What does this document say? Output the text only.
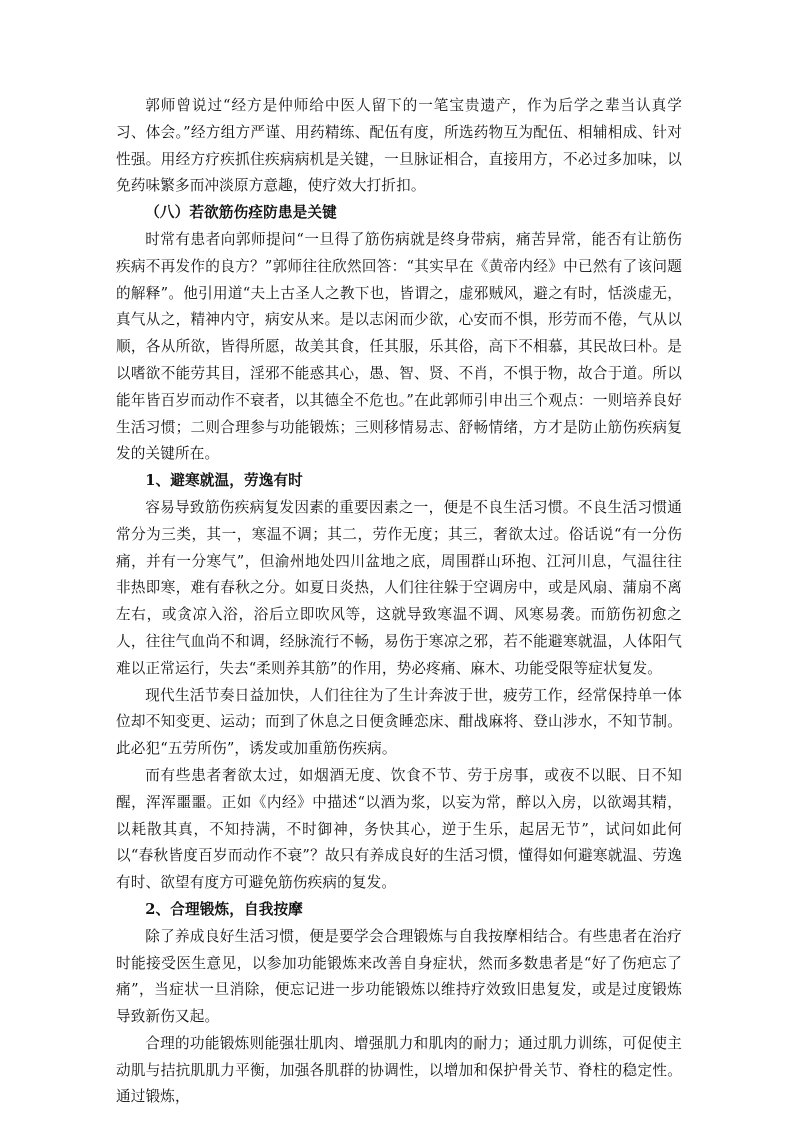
郭师曾说过“经方是仲师给中医人留下的一笔宝贵遗产，作为后学之辈当认真学习、体会。”经方组方严谨、用药精练、配伍有度，所选药物互为配伍、相辅相成、针对性强。用经方疗疾抓住疾病病机是关键，一旦脉证相合，直接用方，不必过多加味，以免药味繁多而冲淡原方意趣，使疗效大打折扣。

（八）若欲筋伤痊防患是关键

时常有患者向郭师提问“一旦得了筋伤病就是终身带病，痛苦异常，能否有让筋伤疾病不再发作的良方？”郭师往往欣然回答：“其实早在《黄帝内经》中已然有了该问题的解释”。他引用道“夫上古圣人之教下也，皆谓之，虚邪贼风，避之有时，恬淡虚无，真气从之，精神内守，病安从来。是以志闲而少欲，心安而不惧，形劳而不倦，气从以顺，各从所欲，皆得所愿，故美其食，任其服，乐其俗，高下不相慕，其民故曰朴。是以嗜欲不能劳其目，淫邪不能惑其心，愚、智、贤、不肖，不惧于物，故合于道。所以能年皆百岁而动作不衰者，以其德全不危也。”在此郭师引申出三个观点：一则培养良好生活习惯；二则合理参与功能锻炼；三则移情易志、舒畅情绪，方才是防止筋伤疾病复发的关键所在。

1、避寒就温，劳逸有时

容易导致筋伤疾病复发因素的重要因素之一，便是不良生活习惯。不良生活习惯通常分为三类，其一，寒温不调；其二，劳作无度；其三，奢欲太过。俗话说“有一分伤痛，并有一分寒气”，但渝州地处四川盆地之底，周围群山环抱、江河川息，气温往往非热即寒，难有春秋之分。如夏日炎热，人们往往躲于空调房中，或是风扇、蒲扇不离左右，或贪凉入浴，浴后立即吹风等，这就导致寒温不调、风寒易袭。而筋伤初愈之人，往往气血尚不和调，经脉流行不畅，易伤于寒凉之邪，若不能避寒就温，人体阳气难以正常运行，失去“柔则养其筋”的作用，势必疼痛、麻木、功能受限等症状复发。

现代生活节奏日益加快，人们往往为了生计奔波于世，疲劳工作，经常保持单一体位却不知变更、运动；而到了休息之日便贪睡恋床、酣战麻将、登山涉水，不知节制。此必犯“五劳所伤”，诱发或加重筋伤疾病。

而有些患者奢欲太过，如烟酒无度、饮食不节、劳于房事，或夜不以眠、日不知醒，浑浑噩噩。正如《内经》中描述“以酒为浆，以妄为常，醉以入房，以欲竭其精，以耗散其真，不知持满，不时御神，务快其心，逆于生乐，起居无节”，试问如此何以“春秋皆度百岁而动作不衰”？故只有养成良好的生活习惯，懂得如何避寒就温、劳逸有时、欲望有度方可避免筋伤疾病的复发。

2、合理锻炼，自我按摩

除了养成良好生活习惯，便是要学会合理锻炼与自我按摩相结合。有些患者在治疗时能接受医生意见，以参加功能锻炼来改善自身症状，然而多数患者是“好了伤疤忘了痛”，当症状一旦消除，便忘记进一步功能锻炼以维持疗效致旧患复发，或是过度锻炼导致新伤又起。

合理的功能锻炼则能强壮肌肉、增强肌力和肌肉的耐力；通过肌力训练，可促使主动肌与拮抗肌肌力平衡，加强各肌群的协调性，以增加和保护骨关节、脊柱的稳定性。通过锻炼，
